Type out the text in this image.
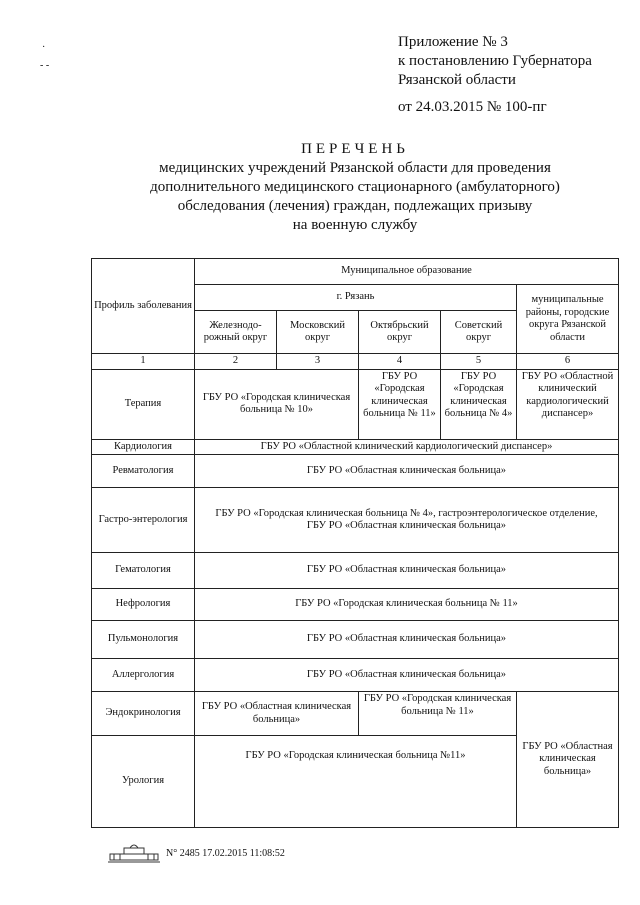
Приложение № 3
к постановлению Губернатора
Рязанской области
от 24.03.2015 № 100-пг
ПЕРЕЧЕНЬ
медицинских учреждений Рязанской области для проведения
дополнительного медицинского стационарного (амбулаторного)
обследования (лечения) граждан, подлежащих призыву
на военную службу
Профиль заболевания	Муниципальное образование				
	г. Рязань				муниципальные районы, городские округа Рязанской области
	Железнодо-рожный округ	Московский округ	Октябрьский округ	Советский округ	
1	2	3	4	5	6
Терапия	ГБУ РО «Городская клиническая больница № 10»		ГБУ РО «Городская клиническая больница № 11»	ГБУ РО «Городская клиническая больница № 4»	ГБУ РО «Областной клинический кардиологический диспансер»
Кардиология	ГБУ РО «Областной клинический кардиологический диспансер»				
Ревматология	ГБУ РО «Областная клиническая больница»				
Гастро-энтерология	ГБУ РО «Городская клиническая больница № 4», гастроэнтерологическое отделение,
ГБУ РО «Областная клиническая больница»				

Гематология	ГБУ РО «Областная клиническая больница»				
Нефрология	ГБУ РО «Городская клиническая больница № 11»				
Пульмонология	ГБУ РО «Областная клиническая больница»				
Аллергология	ГБУ РО «Областная клиническая больница»				
Эндокринология	ГБУ РО «Областная клиническая больница»		ГБУ РО «Городская клиническая больница № 11»		ГБУ РО «Областная клиническая больница»
Урология	ГБУ РО «Городская клиническая больница №11»				
·
- -
N° 2485 17.02.2015 11:08:52
